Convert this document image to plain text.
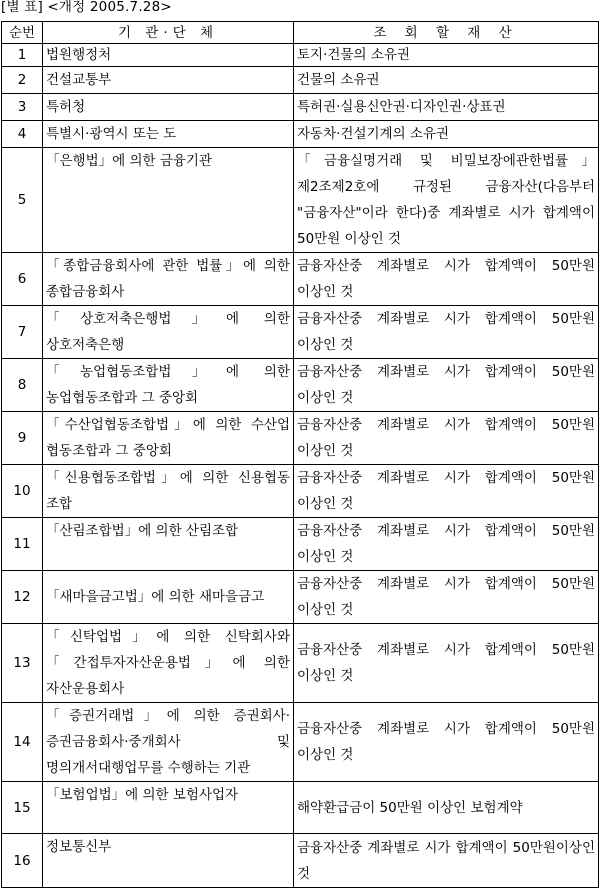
[별 표] <개정 2005.7.28>
순번	기 관·단 체	조 회 할 재 산
1	법원행정처	토지·건물의 소유권
2	건설교통부	건물의 소유권
3	특허청	특허권·실용신안권·디자인권·상표권
4	특별시·광역시 또는 도	자동차·건설기계의 소유권
5	「은행법」에 의한 금융기관	「금융실명거래 및 비밀보장에관한법률」 제2조제2호에 규정된 금융자산(다음부터 "금융자산"이라 한다)중 계좌별로 시가 합계액이 50만원 이상인 것
6	「종합금융회사에 관한 법률」에 의한 종합금융회사	금융자산중 계좌별로 시가 합계액이 50만원 이상인 것
7	「상호저축은행법」에 의한 상호저축은행	금융자산중 계좌별로 시가 합계액이 50만원 이상인 것
8	「농업협동조합법」에 의한 농업협동조합과 그 중앙회	금융자산중 계좌별로 시가 합계액이 50만원 이상인 것
9	「수산업협동조합법」에 의한 수산업 협동조합과 그 중앙회	금융자산중 계좌별로 시가 합계액이 50만원 이상인 것
10	「신용협동조합법」에 의한 신용협동 조합	금융자산중 계좌별로 시가 합계액이 50만원 이상인 것
11	「산림조합법」에 의한 산림조합	금융자산중 계좌별로 시가 합계액이 50만원 이상인 것
12	「새마을금고법」에 의한 새마을금고	금융자산중 계좌별로 시가 합계액이 50만원 이상인 것
13	「신탁업법」에 의한 신탁회사와 「간접투자자산운용법」에 의한 자산운용회사	금융자산중 계좌별로 시가 합계액이 50만원 이상인 것
14	「증권거래법」에 의한 증권회사·증권금융회사·중개회사 및 명의개서대행업무를 수행하는 기관	금융자산중 계좌별로 시가 합계액이 50만원 이상인 것
15	「보험업법」에 의한 보험사업자	해약환급금이 50만원 이상인 보험계약
16	정보통신부	금융자산중 계좌별로 시가 합계액이 50만원이상인 것
